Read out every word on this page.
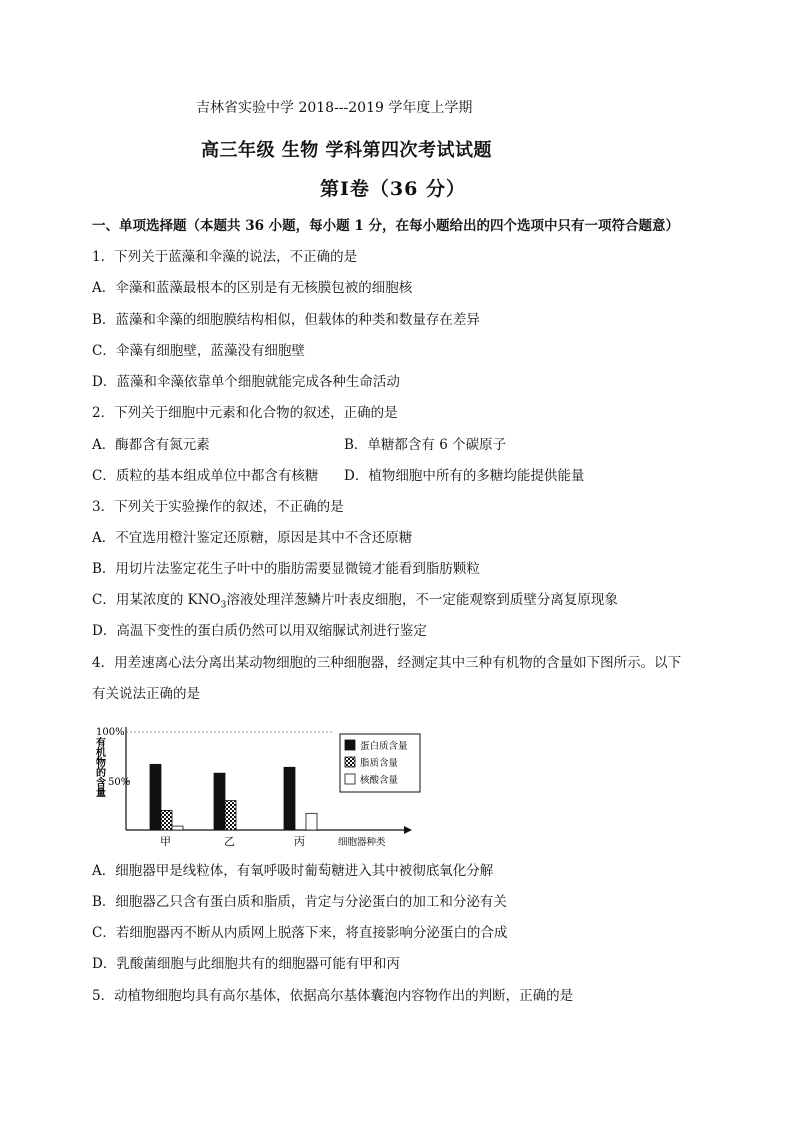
吉林省实验中学 2018---2019 学年度上学期
高三年级 生物 学科第四次考试试题
第Ⅰ卷（36 分）
一、单项选择题（本题共 36 小题，每小题 1 分，在每小题给出的四个选项中只有一项符合题意）
1．下列关于蓝藻和伞藻的说法，不正确的是
A．伞藻和蓝藻最根本的区别是有无核膜包被的细胞核
B．蓝藻和伞藻的细胞膜结构相似，但载体的种类和数量存在差异
C．伞藻有细胞壁，蓝藻没有细胞壁
D．蓝藻和伞藻依靠单个细胞就能完成各种生命活动
2．下列关于细胞中元素和化合物的叙述，正确的是
A．酶都含有氮元素	B．单糖都含有 6 个碳原子
C．质粒的基本组成单位中都含有核糖 D．植物细胞中所有的多糖均能提供能量
3．下列关于实验操作的叙述，不正确的是
A．不宜选用橙汁鉴定还原糖，原因是其中不含还原糖
B．用切片法鉴定花生子叶中的脂肪需要显微镜才能看到脂肪颗粒
C．用某浓度的 $KNO_3$溶液处理洋葱鳞片叶表皮细胞，不一定能观察到质壁分离复原现象
D．高温下变性的蛋白质仍然可以用双缩脲试剂进行鉴定
4．用差速离心法分离出某动物细胞的三种细胞器，经测定其中三种有机物的含量如下图所示。以下
有关说法正确的是
有
机
物
的
含
量
100%
50%
甲	乙	丙	细胞器种类
蛋白质含量
脂质含量
核酸含量
A．细胞器甲是线粒体，有氧呼吸时葡萄糖进入其中被彻底氧化分解
B．细胞器乙只含有蛋白质和脂质，肯定与分泌蛋白的加工和分泌有关
C．若细胞器丙不断从内质网上脱落下来，将直接影响分泌蛋白的合成
D．乳酸菌细胞与此细胞共有的细胞器可能有甲和丙
5．动植物细胞均具有高尔基体，依据高尔基体囊泡内容物作出的判断，正确的是
